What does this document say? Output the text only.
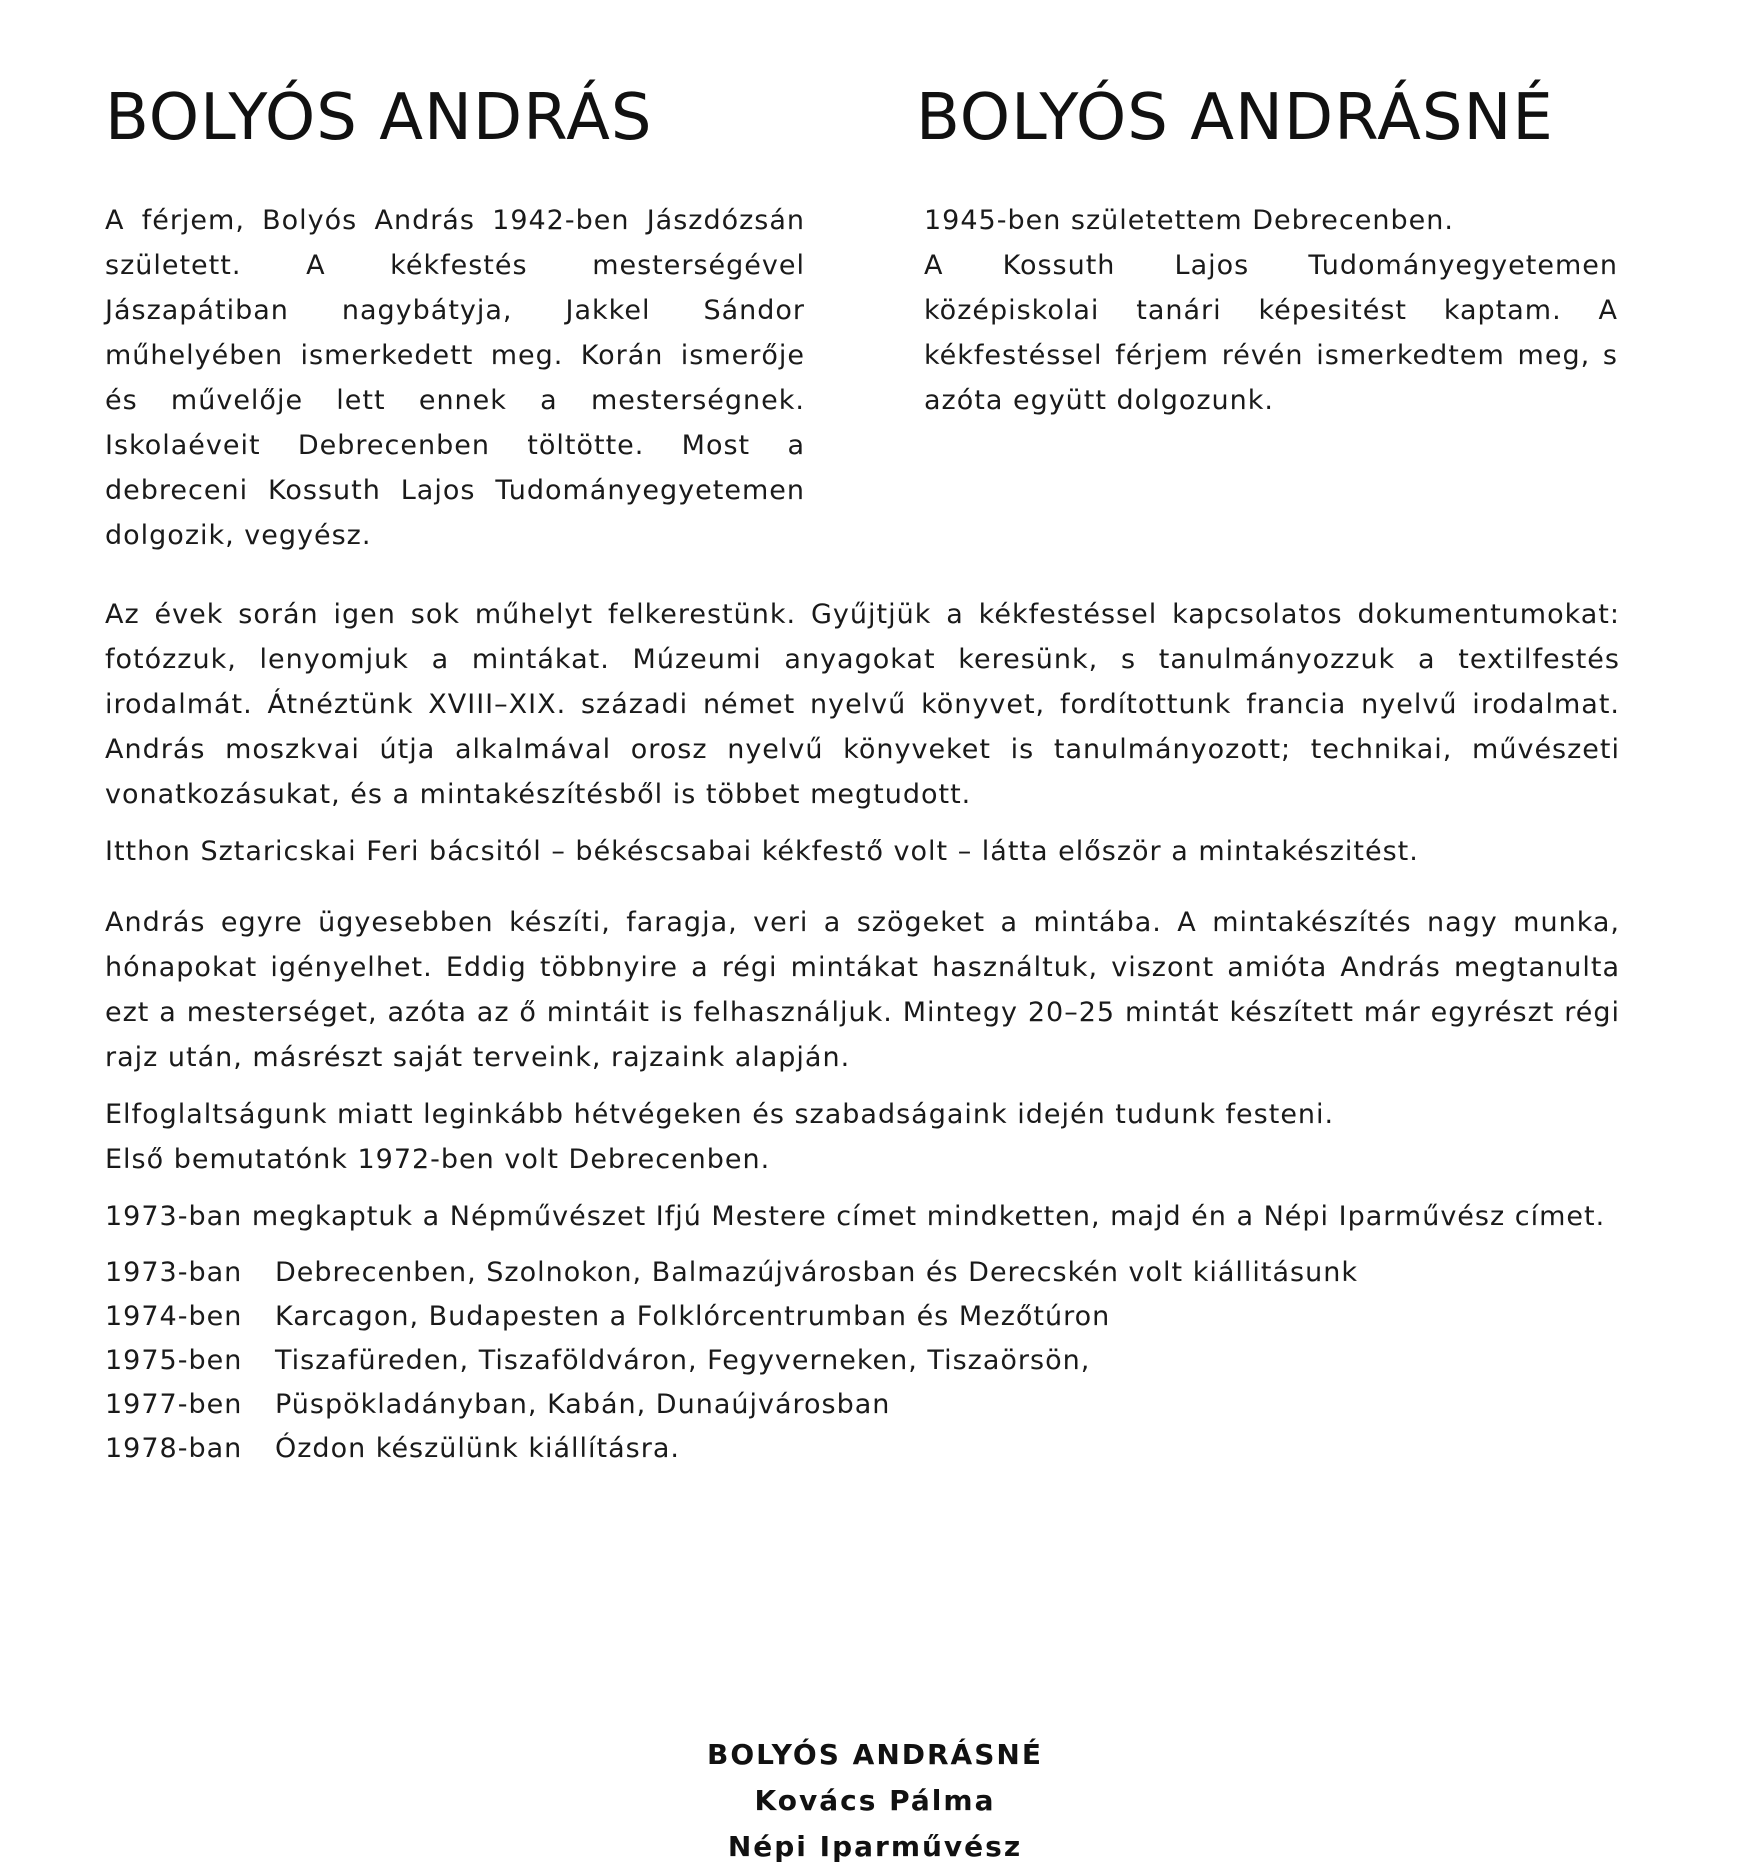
BOLYÓS ANDRÁS	BOLYÓS ANDRÁSNÉ

A férjem, Bolyós András 1942-ben Jászdózsán született. A kékfestés mesterségével Jászapátiban nagybátyja, Jakkel Sándor műhelyében ismerkedett meg. Korán ismerője és művelője lett ennek a mesterségnek. Iskolaéveit Debrecenben töltötte. Most a debreceni Kossuth Lajos Tudományegyetemen dolgozik, vegyész.

1945-ben születettem Debrecenben.
A Kossuth Lajos Tudományegyetemen középiskolai tanári képesitést kaptam. A kékfestéssel férjem révén ismerkedtem meg, s azóta együtt dolgozunk.

Az évek során igen sok műhelyt felkerestünk. Gyűjtjük a kékfestéssel kapcsolatos dokumentumokat: fotózzuk, lenyomjuk a mintákat. Múzeumi anyagokat keresünk, s tanulmányozzuk a textilfestés irodalmát. Átnéztünk XVIII–XIX. századi német nyelvű könyvet, fordítottunk francia nyelvű irodalmat. András moszkvai útja alkalmával orosz nyelvű könyveket is tanulmányozott; technikai, művészeti vonatkozásukat, és a mintakészítésből is többet megtudott.

Itthon Sztaricskai Feri bácsitól – békéscsabai kékfestő volt – látta először a mintakészitést.

András egyre ügyesebben készíti, faragja, veri a szögeket a mintába. A mintakészítés nagy munka, hónapokat igényelhet. Eddig többnyire a régi mintákat használtuk, viszont amióta András megtanulta ezt a mesterséget, azóta az ő mintáit is felhasználjuk. Mintegy 20–25 mintát készített már egyrészt régi rajz után, másrészt saját terveink, rajzaink alapján.

Elfoglaltságunk miatt leginkább hétvégeken és szabadságaink idején tudunk festeni.

Első bemutatónk 1972-ben volt Debrecenben.

1973-ban megkaptuk a Népművészet Ifjú Mestere címet mindketten, majd én a Népi Iparművész címet.

1973-ban	Debrecenben, Szolnokon, Balmazújvárosban és Derecskén volt kiállitásunk
1974-ben	Karcagon, Budapesten a Folklórcentrumban és Mezőtúron
1975-ben	Tiszafüreden, Tiszaföldváron, Fegyverneken, Tiszaörsön,
1977-ben	Püspökladányban, Kabán, Dunaújvárosban
1978-ban	Ózdon készülünk kiállításra.

BOLYÓS ANDRÁSNÉ

Kovács Pálma

Népi Iparművész
